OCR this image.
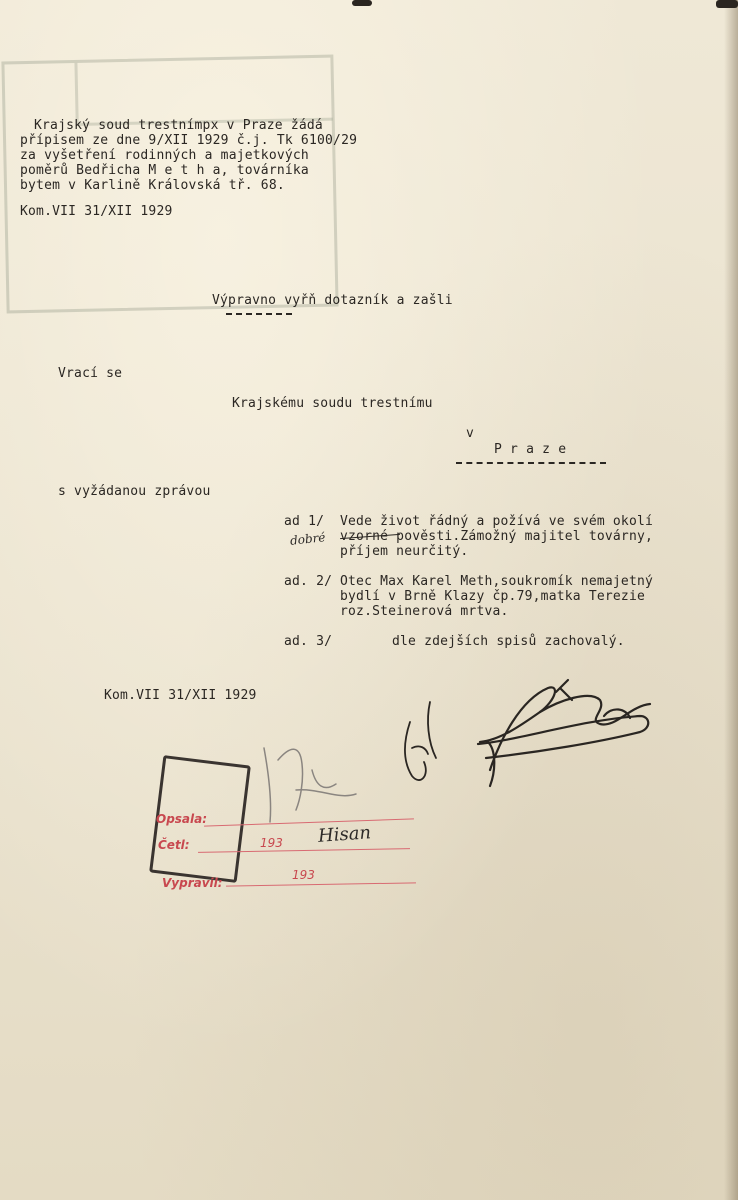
Krajský soud trestnímpx v Praze žádá
přípisem ze dne 9/XII 1929 č.j. Tk 6100/29
za vyšetření rodinných a majetkových
poměrů Bedřicha M e t h a, továrníka
bytem v Karlině Královská tř. 68.
Kom.VII 31/XII 1929
Výpravno vyřň dotazník a zašli
Vrací se
Krajskému soudu trestnímu
v
P r a z e
s vyžádanou zprávou
ad 1/ Vede život řádný a požívá ve svém okolí
vzorné pověsti.Zámožný majitel továrny,
příjem neurčitý.
dobré
ad. 2/ Otec Max Karel Meth,soukromík nemajetný
bydlí v Brně Klazy čp.79,matka Terezie
roz.Steinerová mrtva.
ad. 3/	dle zdejších spisů zachovalý.
Kom.VII 31/XII 1929
Opsala:
Četl:	193 Hisan
Vypravil:
193
